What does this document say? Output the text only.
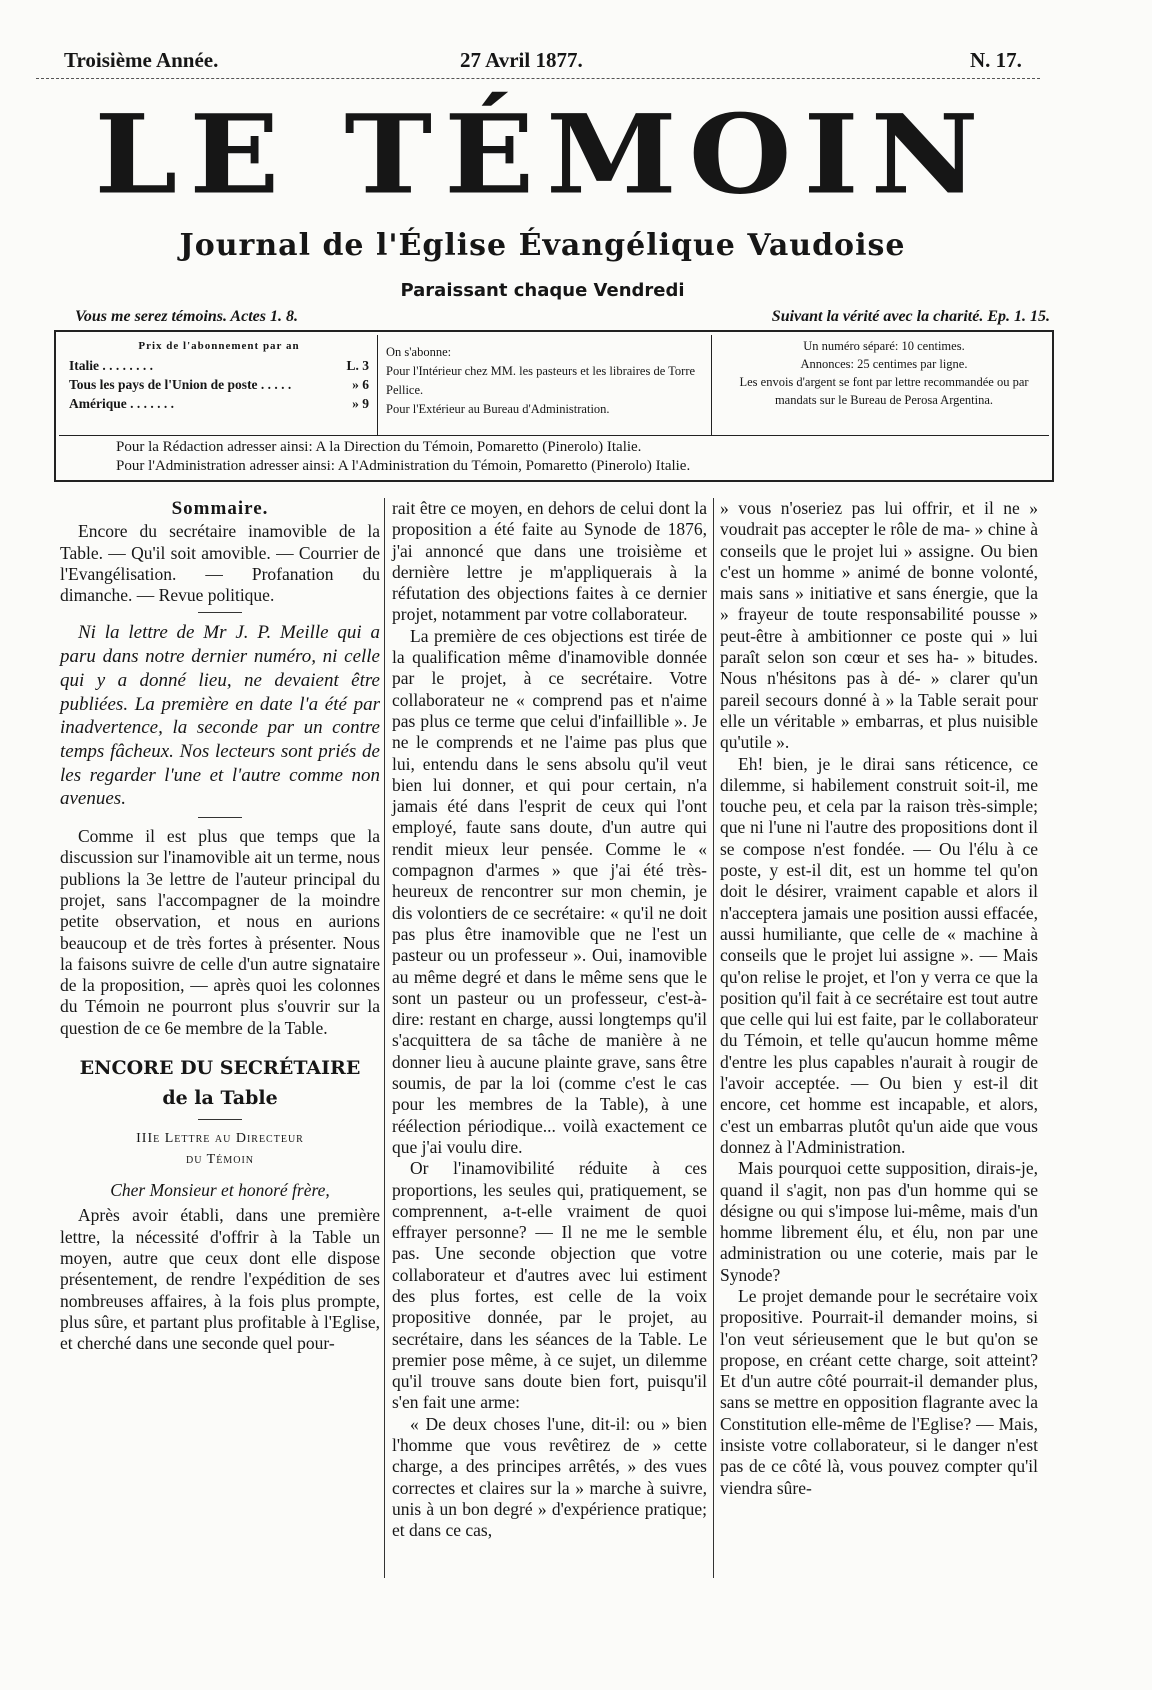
Troisième Année.	27 Avril 1877.	N. 17.
LE TÉMOIN
Journal de l'Église Évangélique Vaudoise
Paraissant chaque Vendredi
Vous me serez témoins. Actes 1. 8.	Suivant la vérité avec la charité. Ep. 1. 15.
Prix de l'abonnement par an
Italie . . . . . . . .	L. 3
Tous les pays de l'Union de poste . . . . .	» 6
Amérique . . . . . . .	» 9
On s'abonne:
Pour l'Intérieur chez MM. les pasteurs et les libraires de Torre Pellice.
Pour l'Extérieur au Bureau d'Administration.
Un numéro séparé: 10 centimes.
Annonces: 25 centimes par ligne.
Les envois d'argent se font par lettre recommandée ou par mandats sur le Bureau de Perosa Argentina.
Pour la Rédaction adresser ainsi: A la Direction du Témoin, Pomaretto (Pinerolo) Italie.
Pour l'Administration adresser ainsi: A l'Administration du Témoin, Pomaretto (Pinerolo) Italie.
Sommaire.

Encore du secrétaire inamovible de la Table. — Qu'il soit amovible. — Courrier de l'Evangélisation. — Profanation du dimanche. — Revue politique.

Ni la lettre de Mr J. P. Meille qui a paru dans notre dernier numéro, ni celle qui y a donné lieu, ne devaient être publiées. La première en date l'a été par inadvertence, la seconde par un contre temps fâcheux. Nos lecteurs sont priés de les regarder l'une et l'autre comme non avenues.

Comme il est plus que temps que la discussion sur l'inamovible ait un terme, nous publions la 3e lettre de l'auteur principal du projet, sans l'accompagner de la moindre petite observation, et nous en aurions beaucoup et de très fortes à présenter. Nous la faisons suivre de celle d'un autre signataire de la proposition, — après quoi les colonnes du Témoin ne pourront plus s'ouvrir sur la question de ce 6e membre de la Table.

ENCORE DU SECRÉTAIRE
de la Table
IIIe Lettre au Directeur
du Témoin
Cher Monsieur et honoré frère,

Après avoir établi, dans une première lettre, la nécessité d'offrir à la Table un moyen, autre que ceux dont elle dispose présentement, de rendre l'expédition de ses nombreuses affaires, à la fois plus prompte, plus sûre, et partant plus profitable à l'Eglise, et cherché dans une seconde quel pour-

rait être ce moyen, en dehors de celui dont la proposition a été faite au Synode de 1876, j'ai annoncé que dans une troisième et dernière lettre je m'appliquerais à la réfutation des objections faites à ce dernier projet, notamment par votre collaborateur.

La première de ces objections est tirée de la qualification même d'inamovible donnée par le projet, à ce secrétaire. Votre collaborateur ne « comprend pas et n'aime pas plus ce terme que celui d'infaillible ». Je ne le comprends et ne l'aime pas plus que lui, entendu dans le sens absolu qu'il veut bien lui donner, et qui pour certain, n'a jamais été dans l'esprit de ceux qui l'ont employé, faute sans doute, d'un autre qui rendit mieux leur pensée. Comme le « compagnon d'armes » que j'ai été très-heureux de rencontrer sur mon chemin, je dis volontiers de ce secrétaire: « qu'il ne doit pas plus être inamovible que ne l'est un pasteur ou un professeur ». Oui, inamovible au même degré et dans le même sens que le sont un pasteur ou un professeur, c'est-à-dire: restant en charge, aussi longtemps qu'il s'acquittera de sa tâche de manière à ne donner lieu à aucune plainte grave, sans être soumis, de par la loi (comme c'est le cas pour les membres de la Table), à une réélection périodique... voilà exactement ce que j'ai voulu dire.

Or l'inamovibilité réduite à ces proportions, les seules qui, pratiquement, se comprennent, a-t-elle vraiment de quoi effrayer personne? — Il ne me le semble pas. Une seconde objection que votre collaborateur et d'autres avec lui estiment des plus fortes, est celle de la voix propositive donnée, par le projet, au secrétaire, dans les séances de la Table. Le premier pose même, à ce sujet, un dilemme qu'il trouve sans doute bien fort, puisqu'il s'en fait une arme:

« De deux choses l'une, dit-il: ou » bien l'homme que vous revêtirez de » cette charge, a des principes arrêtés, » des vues correctes et claires sur la » marche à suivre, unis à un bon degré » d'expérience pratique; et dans ce cas,

» vous n'oseriez pas lui offrir, et il ne » voudrait pas accepter le rôle de ma- » chine à conseils que le projet lui » assigne. Ou bien c'est un homme » animé de bonne volonté, mais sans » initiative et sans énergie, que la » frayeur de toute responsabilité pousse » peut-être à ambitionner ce poste qui » lui paraît selon son cœur et ses ha- » bitudes. Nous n'hésitons pas à dé- » clarer qu'un pareil secours donné à » la Table serait pour elle un véritable » embarras, et plus nuisible qu'utile ».

Eh! bien, je le dirai sans réticence, ce dilemme, si habilement construit soit-il, me touche peu, et cela par la raison très-simple; que ni l'une ni l'autre des propositions dont il se compose n'est fondée. — Ou l'élu à ce poste, y est-il dit, est un homme tel qu'on doit le désirer, vraiment capable et alors il n'acceptera jamais une position aussi effacée, aussi humiliante, que celle de « machine à conseils que le projet lui assigne ». — Mais qu'on relise le projet, et l'on y verra ce que la position qu'il fait à ce secrétaire est tout autre que celle qui lui est faite, par le collaborateur du Témoin, et telle qu'aucun homme même d'entre les plus capables n'aurait à rougir de l'avoir acceptée. — Ou bien y est-il dit encore, cet homme est incapable, et alors, c'est un embarras plutôt qu'un aide que vous donnez à l'Administration.

Mais pourquoi cette supposition, dirais-je, quand il s'agit, non pas d'un homme qui se désigne ou qui s'impose lui-même, mais d'un homme librement élu, et élu, non par une administration ou une coterie, mais par le Synode?

Le projet demande pour le secrétaire voix propositive. Pourrait-il demander moins, si l'on veut sérieusement que le but qu'on se propose, en créant cette charge, soit atteint? Et d'un autre côté pourrait-il demander plus, sans se mettre en opposition flagrante avec la Constitution elle-même de l'Eglise? — Mais, insiste votre collaborateur, si le danger n'est pas de ce côté là, vous pouvez compter qu'il viendra sûre-
